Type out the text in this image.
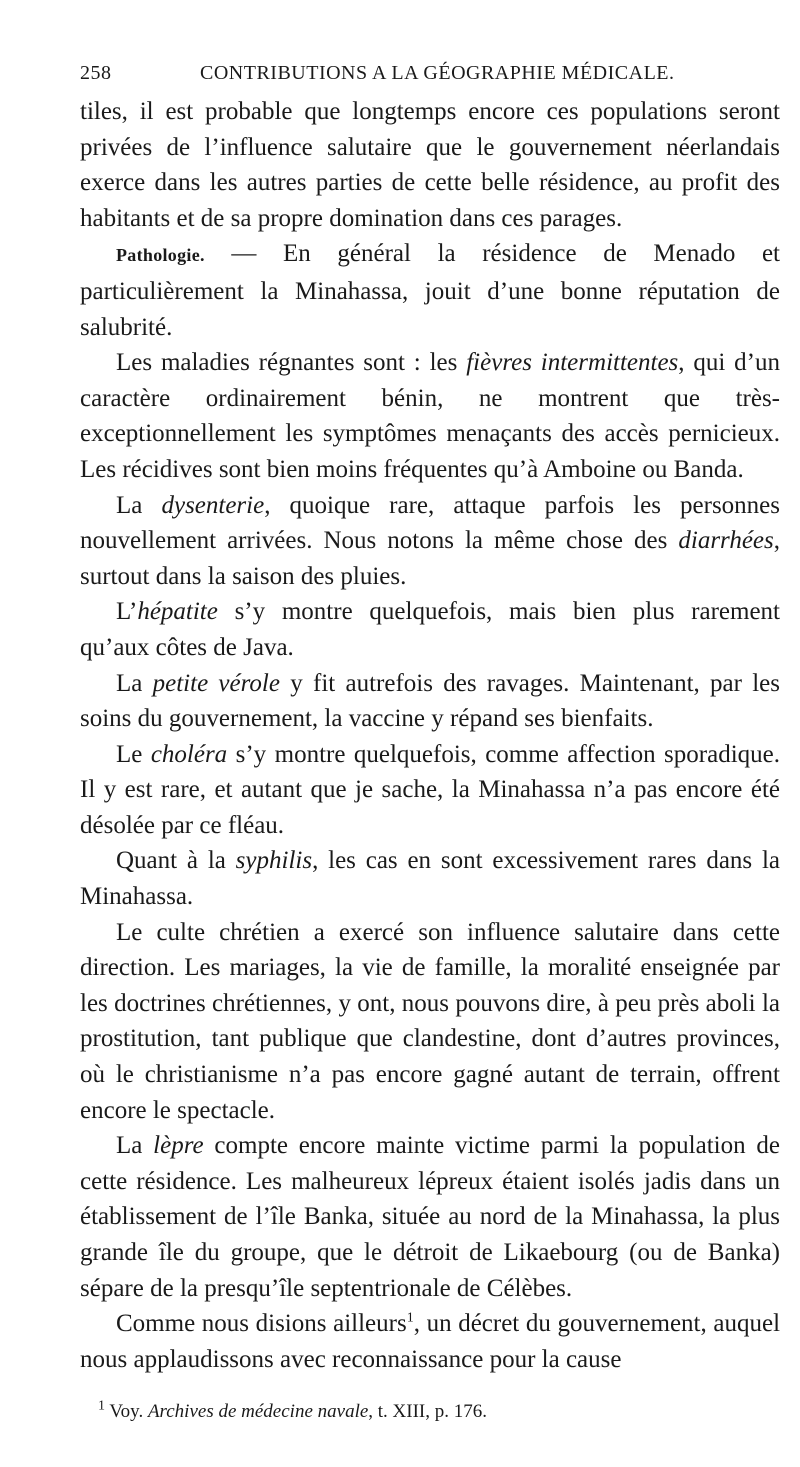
258	CONTRIBUTIONS A LA GÉOGRAPHIE MÉDICALE.

tiles, il est probable que longtemps encore ces populations seront privées de l’influence salutaire que le gouvernement néerlandais exerce dans les autres parties de cette belle résidence, au profit des habitants et de sa propre domination dans ces parages.

Pathologie. — En général la résidence de Menado et particulièrement la Minahassa, jouit d’une bonne réputation de salubrité.

Les maladies régnantes sont : les fièvres intermittentes, qui d’un caractère ordinairement bénin, ne montrent que très-exceptionnellement les symptômes menaçants des accès pernicieux. Les récidives sont bien moins fréquentes qu’à Amboine ou Banda.

La dysenterie, quoique rare, attaque parfois les personnes nouvellement arrivées. Nous notons la même chose des diarrhées, surtout dans la saison des pluies.

L’hépatite s’y montre quelquefois, mais bien plus rarement qu’aux côtes de Java.

La petite vérole y fit autrefois des ravages. Maintenant, par les soins du gouvernement, la vaccine y répand ses bienfaits.

Le choléra s’y montre quelquefois, comme affection sporadique. Il y est rare, et autant que je sache, la Minahassa n’a pas encore été désolée par ce fléau.

Quant à la syphilis, les cas en sont excessivement rares dans la Minahassa.

Le culte chrétien a exercé son influence salutaire dans cette direction. Les mariages, la vie de famille, la moralité enseignée par les doctrines chrétiennes, y ont, nous pouvons dire, à peu près aboli la prostitution, tant publique que clandestine, dont d’autres provinces, où le christianisme n’a pas encore gagné autant de terrain, offrent encore le spectacle.

La lèpre compte encore mainte victime parmi la population de cette résidence. Les malheureux lépreux étaient isolés jadis dans un établissement de l’île Banka, située au nord de la Minahassa, la plus grande île du groupe, que le détroit de Likaebourg (ou de Banka) sépare de la presqu’île septentrionale de Célèbes.

Comme nous disions ailleurs$^1$, un décret du gouvernement, auquel nous applaudissons avec reconnaissance pour la cause

$^1$ Voy. Archives de médecine navale, t. XIII, p. 176.
